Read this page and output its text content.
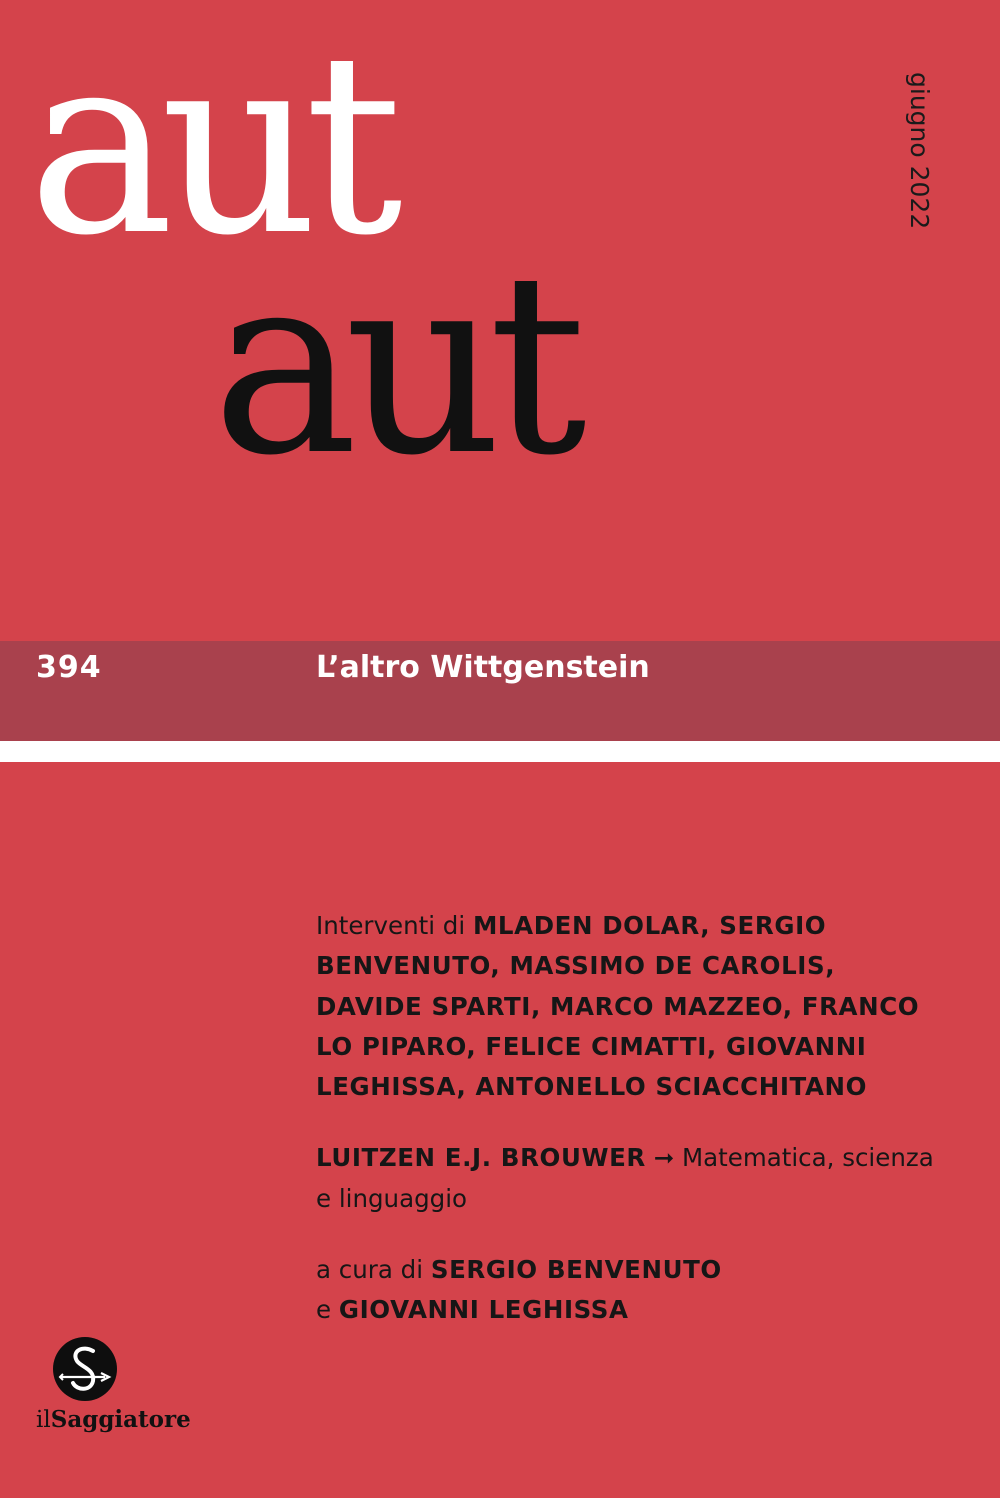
aut
aut
giugno 2022
394	L’altro Wittgenstein

Interventi di MLADEN DOLAR, SERGIO BENVENUTO, MASSIMO DE CAROLIS, DAVIDE SPARTI, MARCO MAZZEO, FRANCO LO PIPARO, FELICE CIMATTI, GIOVANNI LEGHISSA, ANTONELLO SCIACCHITANO

LUITZEN E.J. BROUWER ➞ Matematica, scienza e linguaggio

a cura di SERGIO BENVENUTO
e GIOVANNI LEGHISSA

ilSaggiatore
